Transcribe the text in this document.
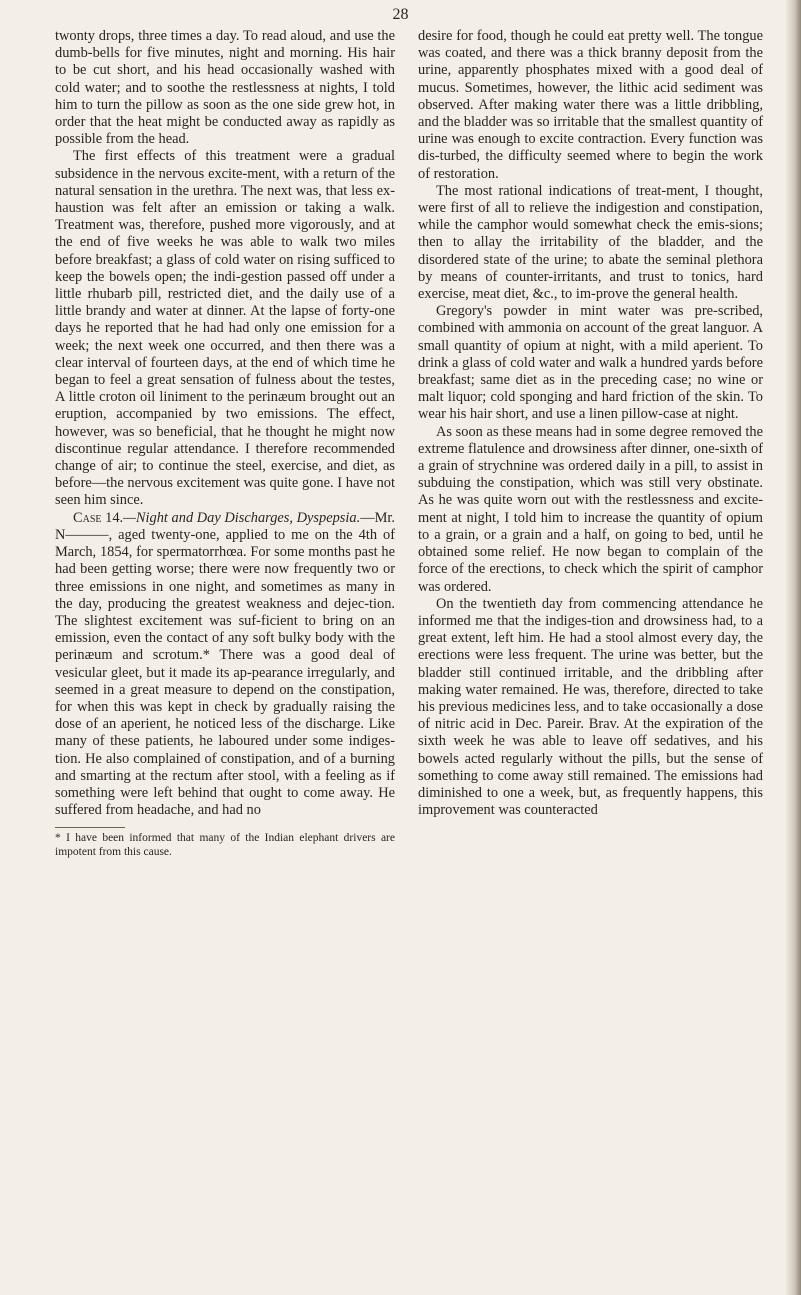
28

twonty drops, three times a day. To read aloud, and use the dumb-bells for five minutes, night and morning. His hair to be cut short, and his head occasionally washed with cold water; and to soothe the restlessness at nights, I told him to turn the pillow as soon as the one side grew hot, in order that the heat might be conducted away as rapidly as possible from the head.

The first effects of this treatment were a gradual subsidence in the nervous excite-ment, with a return of the natural sensation in the urethra. The next was, that less ex-haustion was felt after an emission or taking a walk. Treatment was, therefore, pushed more vigorously, and at the end of five weeks he was able to walk two miles before breakfast; a glass of cold water on rising sufficed to keep the bowels open; the indi-gestion passed off under a little rhubarb pill, restricted diet, and the daily use of a little brandy and water at dinner. At the lapse of forty-one days he reported that he had had only one emission for a week; the next week one occurred, and then there was a clear interval of fourteen days, at the end of which time he began to feel a great sensation of fulness about the testes, A little croton oil liniment to the perinæum brought out an eruption, accompanied by two emissions. The effect, however, was so beneficial, that he thought he might now discontinue regular attendance. I therefore recommended change of air; to continue the steel, exercise, and diet, as before—the nervous excitement was quite gone. I have not seen him since.

Case 14.—Night and Day Discharges, Dyspepsia.—Mr. N———, aged twenty-one, applied to me on the 4th of March, 1854, for spermatorrhœa. For some months past he had been getting worse; there were now frequently two or three emissions in one night, and sometimes as many in the day, producing the greatest weakness and dejec-tion. The slightest excitement was suf-ficient to bring on an emission, even the contact of any soft bulky body with the perinæum and scrotum.* There was a good deal of vesicular gleet, but it made its ap-pearance irregularly, and seemed in a great measure to depend on the constipation, for when this was kept in check by gradually raising the dose of an aperient, he noticed less of the discharge. Like many of these patients, he laboured under some indiges-tion. He also complained of constipation, and of a burning and smarting at the rectum after stool, with a feeling as if something were left behind that ought to come away. He suffered from headache, and had no

* I have been informed that many of the Indian elephant drivers are impotent from this cause.

desire for food, though he could eat pretty well. The tongue was coated, and there was a thick branny deposit from the urine, apparently phosphates mixed with a good deal of mucus. Sometimes, however, the lithic acid sediment was observed. After making water there was a little dribbling, and the bladder was so irritable that the smallest quantity of urine was enough to excite contraction. Every function was dis-turbed, the difficulty seemed where to begin the work of restoration.

The most rational indications of treat-ment, I thought, were first of all to relieve the indigestion and constipation, while the camphor would somewhat check the emis-sions; then to allay the irritability of the bladder, and the disordered state of the urine; to abate the seminal plethora by means of counter-irritants, and trust to tonics, hard exercise, meat diet, &c., to im-prove the general health.

Gregory's powder in mint water was pre-scribed, combined with ammonia on account of the great languor. A small quantity of opium at night, with a mild aperient. To drink a glass of cold water and walk a hundred yards before breakfast; same diet as in the preceding case; no wine or malt liquor; cold sponging and hard friction of the skin. To wear his hair short, and use a linen pillow-case at night.

As soon as these means had in some degree removed the extreme flatulence and drowsiness after dinner, one-sixth of a grain of strychnine was ordered daily in a pill, to assist in subduing the constipation, which was still very obstinate. As he was quite worn out with the restlessness and excite-ment at night, I told him to increase the quantity of opium to a grain, or a grain and a half, on going to bed, until he obtained some relief. He now began to complain of the force of the erections, to check which the spirit of camphor was ordered.

On the twentieth day from commencing attendance he informed me that the indiges-tion and drowsiness had, to a great extent, left him. He had a stool almost every day, the erections were less frequent. The urine was better, but the bladder still continued irritable, and the dribbling after making water remained. He was, therefore, directed to take his previous medicines less, and to take occasionally a dose of nitric acid in Dec. Pareir. Brav. At the expiration of the sixth week he was able to leave off sedatives, and his bowels acted regularly without the pills, but the sense of something to come away still remained. The emissions had diminished to one a week, but, as frequently happens, this improvement was counteracted
